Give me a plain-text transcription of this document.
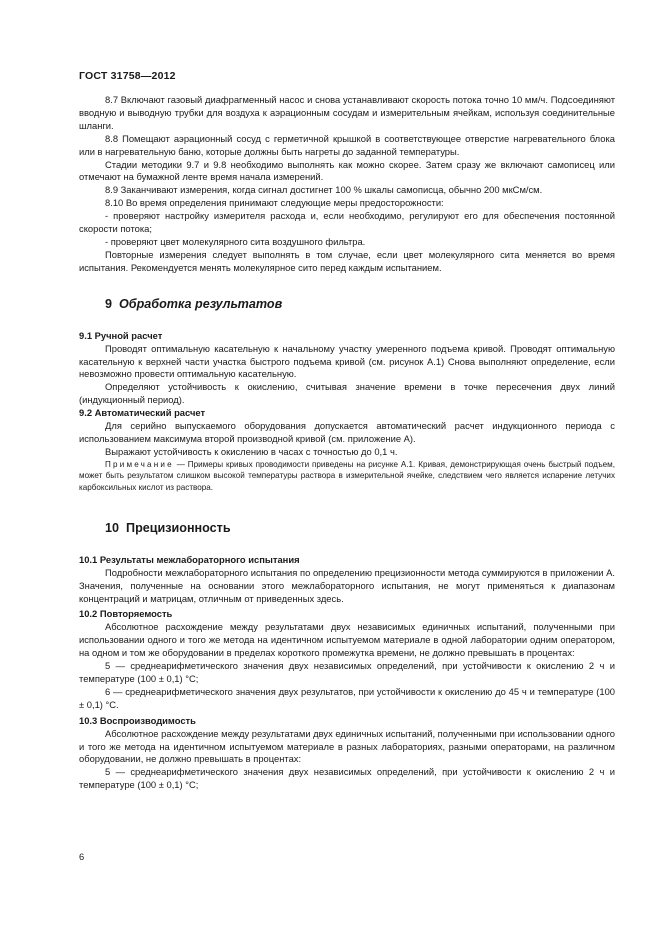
ГОСТ 31758—2012

8.7 Включают газовый диафрагменный насос и снова устанавливают скорость потока точно 10 мм/ч. Подсоединяют вводную и выводную трубки для воздуха к аэрационным сосудам и измерительным ячейкам, используя соединительные шланги.

8.8 Помещают аэрационный сосуд с герметичной крышкой в соответствующее отверстие нагревательного блока или в нагревательную баню, которые должны быть нагреты до заданной температуры.

Стадии методики 9.7 и 9.8 необходимо выполнять как можно скорее. Затем сразу же включают самописец или отмечают на бумажной ленте время начала измерений.

8.9 Заканчивают измерения, когда сигнал достигнет 100 % шкалы самописца, обычно 200 мкСм/см.

8.10 Во время определения принимают следующие меры предосторожности:

- проверяют настройку измерителя расхода и, если необходимо, регулируют его для обеспечения постоянной скорости потока;

- проверяют цвет молекулярного сита воздушного фильтра.

Повторные измерения следует выполнять в том случае, если цвет молекулярного сита меняется во время испытания. Рекомендуется менять молекулярное сито перед каждым испытанием.

9 Обработка результатов

9.1 Ручной расчет

Проводят оптимальную касательную к начальному участку умеренного подъема кривой. Проводят оптимальную касательную к верхней части участка быстрого подъема кривой (см. рисунок А.1) Снова выполняют определение, если невозможно провести оптимальную касательную.

Определяют устойчивость к окислению, считывая значение времени в точке пересечения двух линий (индукционный период).

9.2 Автоматический расчет

Для серийно выпускаемого оборудования допускается автоматический расчет индукционного периода с использованием максимума второй производной кривой (см. приложение А).

Выражают устойчивость к окислению в часах с точностью до 0,1 ч.

Примечание — Примеры кривых проводимости приведены на рисунке А.1. Кривая, демонстрирующая очень быстрый подъем, может быть результатом слишком высокой температуры раствора в измерительной ячейке, следствием чего является испарение летучих карбоксильных кислот из раствора.

10 Прецизионность

10.1 Результаты межлабораторного испытания

Подробности межлабораторного испытания по определению прецизионности метода суммируются в приложении А. Значения, полученные на основании этого межлабораторного испытания, не могут применяться к диапазонам концентраций и матрицам, отличным от приведенных здесь.

10.2 Повторяемость

Абсолютное расхождение между результатами двух независимых единичных испытаний, полученными при использовании одного и того же метода на идентичном испытуемом материале в одной лаборатории одним оператором, на одном и том же оборудовании в пределах короткого промежутка времени, не должно превышать в процентах:

5 — среднеарифметического значения двух независимых определений, при устойчивости к окислению 2 ч и температуре (100 ± 0,1) °С;

6 — среднеарифметического значения двух результатов, при устойчивости к окислению до 45 ч и температуре (100 ± 0,1) °С.

10.3 Воспроизводимость

Абсолютное расхождение между результатами двух единичных испытаний, полученными при использовании одного и того же метода на идентичном испытуемом материале в разных лабораториях, разными операторами, на различном оборудовании, не должно превышать в процентах:

5 — среднеарифметического значения двух независимых определений, при устойчивости к окислению 2 ч и температуре (100 ± 0,1) °С;

6
